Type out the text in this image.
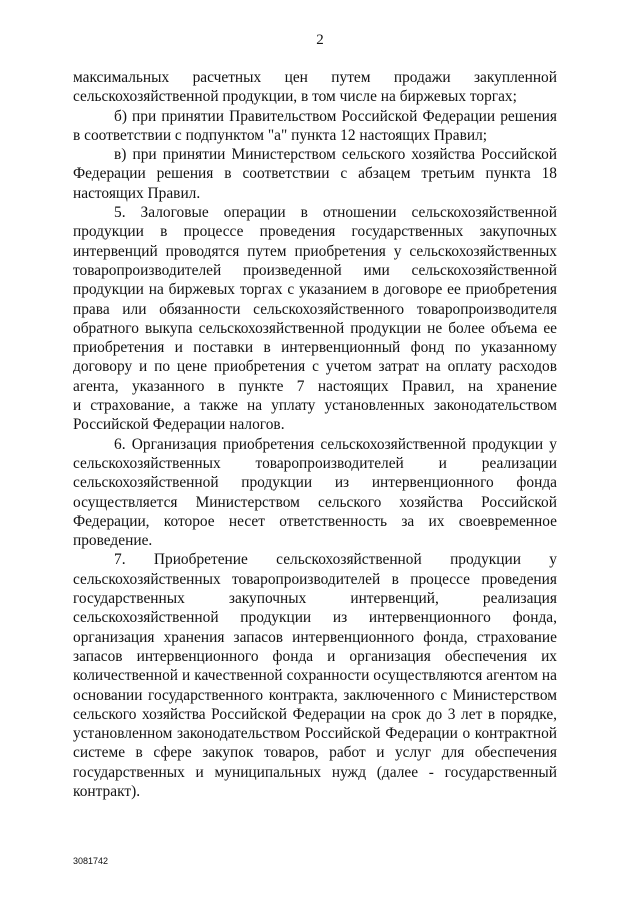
2

максимальных расчетных цен путем продажи закупленной
сельскохозяйственной продукции, в том числе на биржевых торгах;

б) при принятии Правительством Российской Федерации решения
в соответствии с подпунктом "а" пункта 12 настоящих Правил;

в) при принятии Министерством сельского хозяйства Российской
Федерации решения в соответствии с абзацем третьим пункта 18
настоящих Правил.

5. Залоговые операции в отношении сельскохозяйственной
продукции в процессе проведения государственных закупочных
интервенций проводятся путем приобретения у сельскохозяйственных
товаропроизводителей произведенной ими сельскохозяйственной
продукции на биржевых торгах с указанием в договоре ее приобретения
права или обязанности сельскохозяйственного товаропроизводителя
обратного выкупа сельскохозяйственной продукции не более объема ее
приобретения и поставки в интервенционный фонд по указанному
договору и по цене приобретения с учетом затрат на оплату расходов
агента, указанного в пункте 7 настоящих Правил, на хранение
и страхование, а также на уплату установленных законодательством
Российской Федерации налогов.

6. Организация приобретения сельскохозяйственной продукции у
сельскохозяйственных товаропроизводителей и реализации
сельскохозяйственной продукции из интервенционного фонда
осуществляется Министерством сельского хозяйства Российской
Федерации, которое несет ответственность за их своевременное
проведение.

7. Приобретение сельскохозяйственной продукции у
сельскохозяйственных товаропроизводителей в процессе проведения
государственных закупочных интервенций, реализация
сельскохозяйственной продукции из интервенционного фонда,
организация хранения запасов интервенционного фонда, страхование
запасов интервенционного фонда и организация обеспечения их
количественной и качественной сохранности осуществляются агентом на
основании государственного контракта, заключенного с Министерством
сельского хозяйства Российской Федерации на срок до 3 лет в порядке,
установленном законодательством Российской Федерации о контрактной
системе в сфере закупок товаров, работ и услуг для обеспечения
государственных и муниципальных нужд (далее - государственный
контракт).

3081742
